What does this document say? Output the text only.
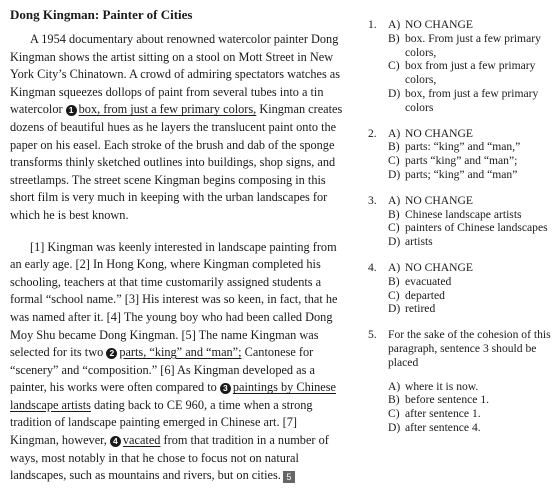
Dong Kingman: Painter of Cities

A 1954 documentary about renowned watercolor painter Dong Kingman shows the artist sitting on a stool on Mott Street in New York City’s Chinatown. A crowd of admiring spectators watches as Kingman squeezes dollops of paint from several tubes into a tin watercolor 1 box, from just a few primary colors, Kingman creates dozens of beautiful hues as he layers the translucent paint onto the paper on his easel. Each stroke of the brush and dab of the sponge transforms thinly sketched outlines into buildings, shop signs, and streetlamps. The street scene Kingman begins composing in this short film is very much in keeping with the urban landscapes for which he is best known.

[1] Kingman was keenly interested in landscape painting from an early age. [2] In Hong Kong, where Kingman completed his schooling, teachers at that time customarily assigned students a formal “school name.” [3] His interest was so keen, in fact, that he was named after it. [4] The young boy who had been called Dong Moy Shu became Dong Kingman. [5] The name Kingman was selected for its two 2 parts, “king” and “man”; Cantonese for “scenery” and “composition.” [6] As Kingman developed as a painter, his works were often compared to 3 paintings by Chinese landscape artists dating back to CE 960, a time when a strong tradition of landscape painting emerged in Chinese art. [7] Kingman, however, 4 vacated from that tradition in a number of ways, most notably in that he chose to focus not on natural landscapes, such as mountains and rivers, but on cities. 5

1. A) NO CHANGE
B) box. From just a few primary colors,
C) box from just a few primary colors,
D) box, from just a few primary colors
2. A) NO CHANGE
B) parts: “king” and “man,”
C) parts “king” and “man”;
D) parts; “king” and “man”
3. A) NO CHANGE
B) Chinese landscape artists
C) painters of Chinese landscapes
D) artists
4. A) NO CHANGE
B) evacuated
C) departed
D) retired
5. For the sake of the cohesion of this paragraph, sentence 3 should be placed
A) where it is now.
B) before sentence 1.
C) after sentence 1.
D) after sentence 4.
